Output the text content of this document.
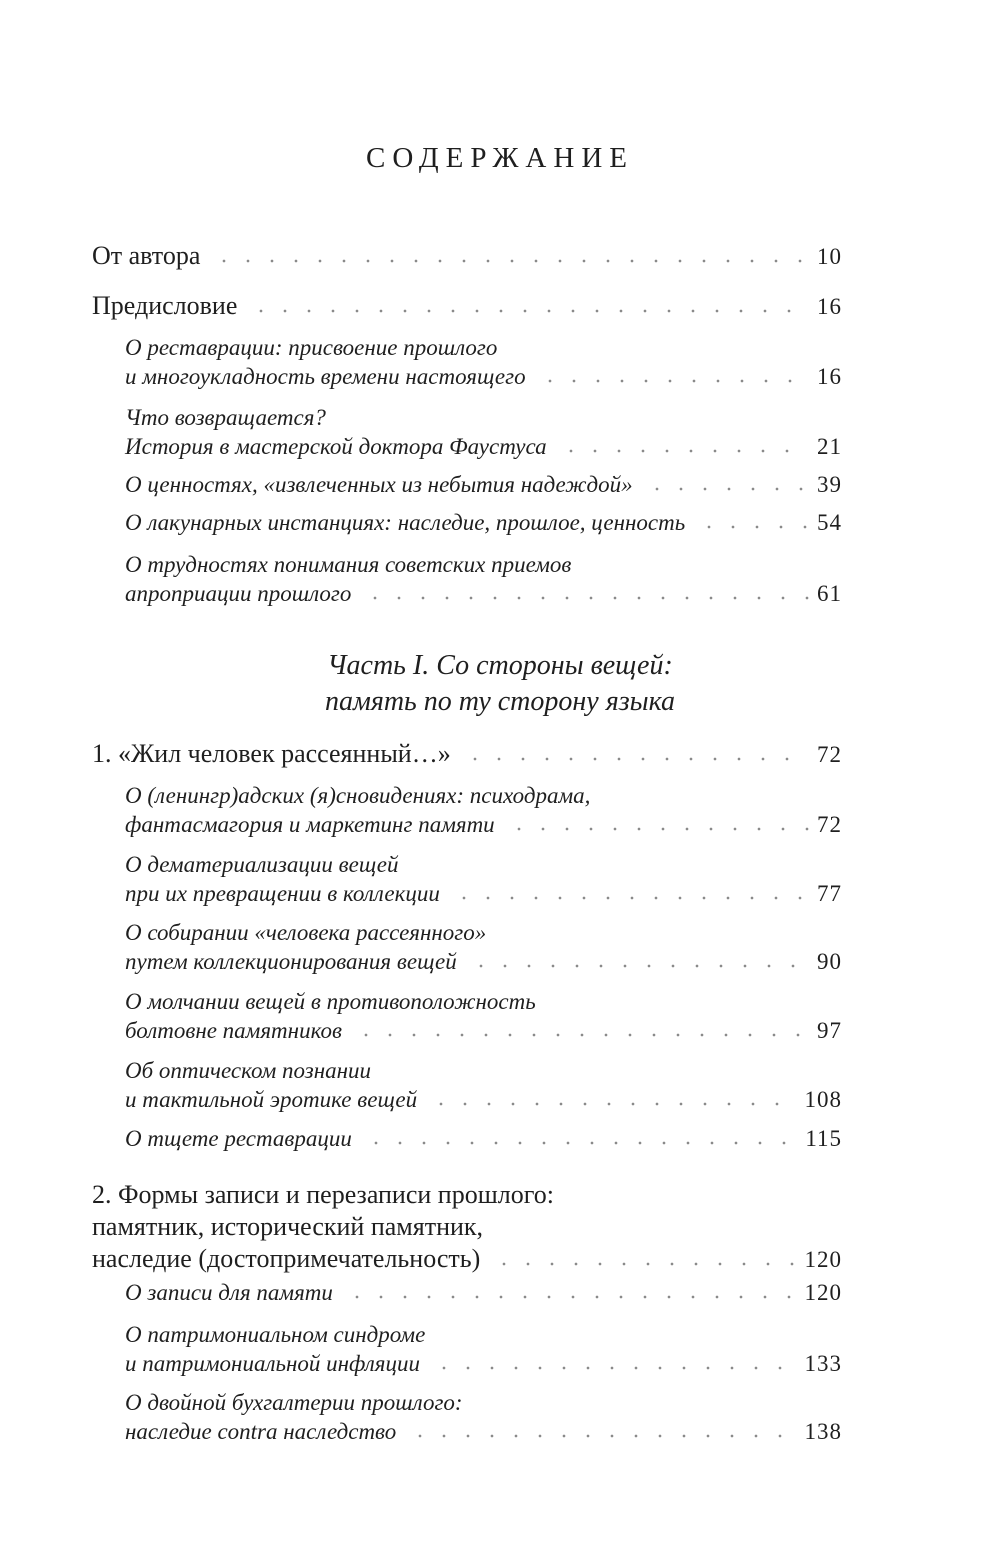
СОДЕРЖАНИЕ
Часть I. Со стороны вещей:
память по ту сторону языка
От автора	10
Предисловие	16
О реставрации: присвоение прошлого
и многоукладность времени настоящего	16
Что возвращается?
История в мастерской доктора Фаустуса	21
О ценностях, «извлеченных из небытия надеждой»	39
О лакунарных инстанциях: наследие, прошлое, ценность	54
О трудностях понимания советских приемов
апроприации прошлого	61
1. «Жил человек рассеянный…»	72
О (ленингр)адских (я)сновидениях: психодрама,
фантасмагория и маркетинг памяти	72
О дематериализации вещей
при их превращении в коллекции	77
О собирании «человека рассеянного»
путем коллекционирования вещей	90
О молчании вещей в противоположность
болтовне памятников	97
Об оптическом познании
и тактильной эротике вещей	108
О тщете реставрации	115
2. Формы записи и перезаписи прошлого:
памятник, исторический памятник,
наследие (достопримечательность)	120
О записи для памяти	120
О патримониальном синдроме
и патримониальной инфляции	133
О двойной бухгалтерии прошлого:
наследие contra наследство	138
